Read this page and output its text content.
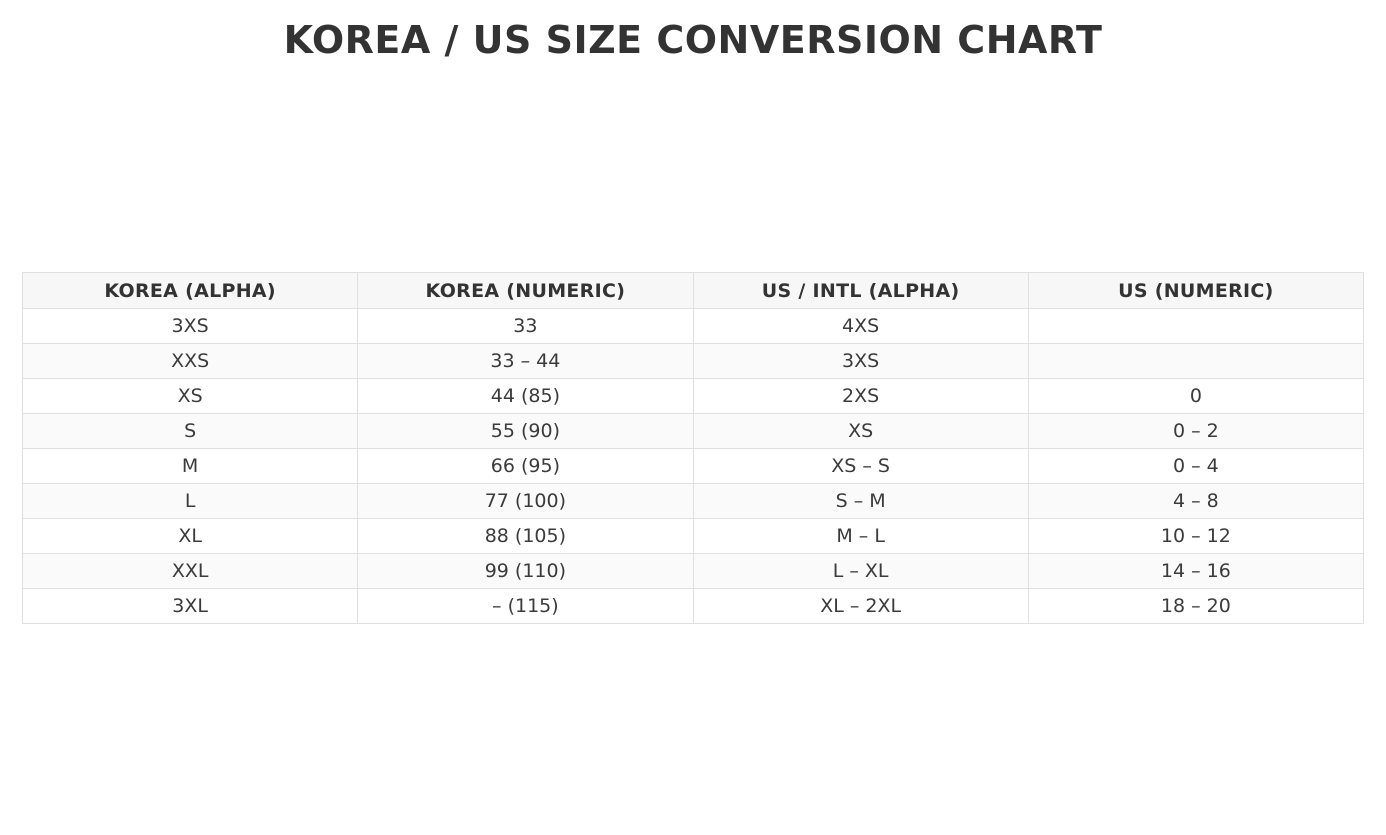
KOREA / US SIZE CONVERSION CHART
KOREA (ALPHA)	KOREA (NUMERIC)	US / INTL (ALPHA)	US (NUMERIC)
3XS	33	4XS	
XXS	33 – 44	3XS	
XS	44 (85)	2XS	0
S	55 (90)	XS	0 – 2
M	66 (95)	XS – S	0 – 4
L	77 (100)	S – M	4 – 8
XL	88 (105)	M – L	10 – 12
XXL	99 (110)	L – XL	14 – 16
3XL	– (115)	XL – 2XL	18 – 20
